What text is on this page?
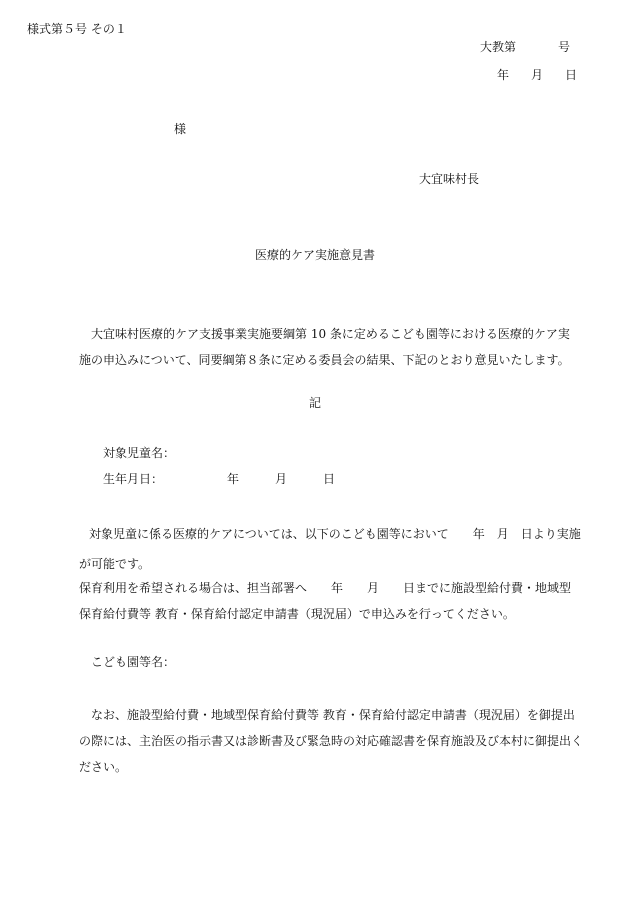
様式第５号 その１
大教第	号
年 月 日
様
大宜味村長
医療的ケア実施意見書
大宜味村医療的ケア支援事業実施要綱第 10 条に定めるこども園等における医療的ケア実施の申込みについて、同要綱第８条に定める委員会の結果、下記のとおり意見いたします。
記
対象児童名：
生年月日：	年	月	日
対象児童に係る医療的ケアについては、以下のこども園等において　　年　月　日より実施が可能です。
保育利用を希望される場合は、担当部署へ　　年　　月　　日までに施設型給付費・地域型保育給付費等 教育・保育給付認定申請書（現況届）で申込みを行ってください。
こども園等名：
なお、施設型給付費・地域型保育給付費等 教育・保育給付認定申請書（現況届）を御提出の際には、主治医の指示書又は診断書及び緊急時の対応確認書を保育施設及び本村に御提出ください。
